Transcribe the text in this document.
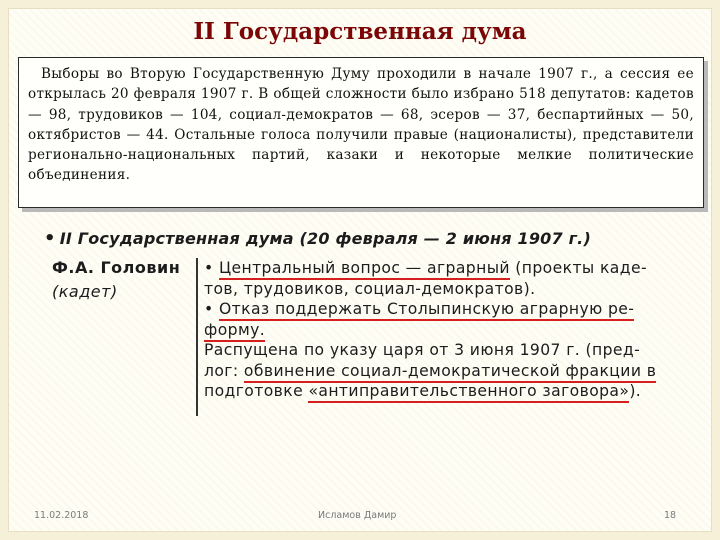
II Государственная дума
Выборы во Вторую Государственную Думу проходили в начале 1907 г., а сессия ее открылась 20 февраля 1907 г. В общей сложности было избрано 518 депутатов: кадетов — 98, трудовиков — 104, социал-демократов — 68, эсеров — 37, беспартийных — 50, октябристов — 44. Остальные голоса получили правые (националисты), представители регионально-национальных партий, казаки и некоторые мелкие политические объединения.
• II Государственная дума (20 февраля — 2 июня 1907 г.)
Ф.А. Головин
(кадет)
• Центральный вопрос — аграрный (проекты каде-
тов, трудовиков, социал-демократов).
• Отказ поддержать Столыпинскую аграрную ре-
форму.
Распущена по указу царя от 3 июня 1907 г. (пред-
лог: обвинение социал-демократической фракции в
подготовке «антиправительственного заговора»).
11.02.2018	Исламов Дамир	18
